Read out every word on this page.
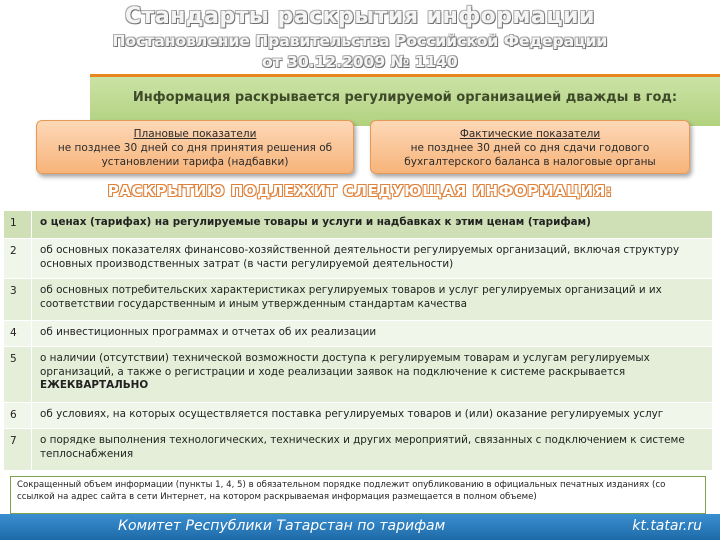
Стандарты раскрытия информации
Постановление Правительства Российской Федерации
от 30.12.2009 № 1140
Информация раскрывается регулируемой организацией дважды в год:
Плановые показатели
не позднее 30 дней со дня принятия решения об
установлении тарифа (надбавки)
Фактические показатели
не позднее 30 дней со дня сдачи годового
бухгалтерского баланса в налоговые органы
РАСКРЫТИЮ ПОДЛЕЖИТ СЛЕДУЮЩАЯ ИНФОРМАЦИЯ:
1	о ценах (тарифах) на регулируемые товары и услуги и надбавках к этим ценам (тарифам)
2	об основных показателях финансово-хозяйственной деятельности регулируемых организаций, включая структуру основных производственных затрат (в части регулируемой деятельности)
3	об основных потребительских характеристиках регулируемых товаров и услуг регулируемых организаций и их соответствии государственным и иным утвержденным стандартам качества
4	об инвестиционных программах и отчетах об их реализации
5	о наличии (отсутствии) технической возможности доступа к регулируемым товарам и услугам регулируемых организаций, а также о регистрации и ходе реализации заявок на подключение к системе раскрывается ЕЖЕКВАРТАЛЬНО
6	об условиях, на которых осуществляется поставка регулируемых товаров и (или) оказание регулируемых услуг
7	о порядке выполнения технологических, технических и других мероприятий, связанных с подключением к системе теплоснабжения
Сокращенный объем информации (пункты 1, 4, 5) в обязательном порядке подлежит опубликованию в официальных печатных изданиях (со ссылкой на адрес сайта в сети Интернет, на котором раскрываемая информация размещается в полном объеме)
Комитет Республики Татарстан по тарифам	kt.tatar.ru
